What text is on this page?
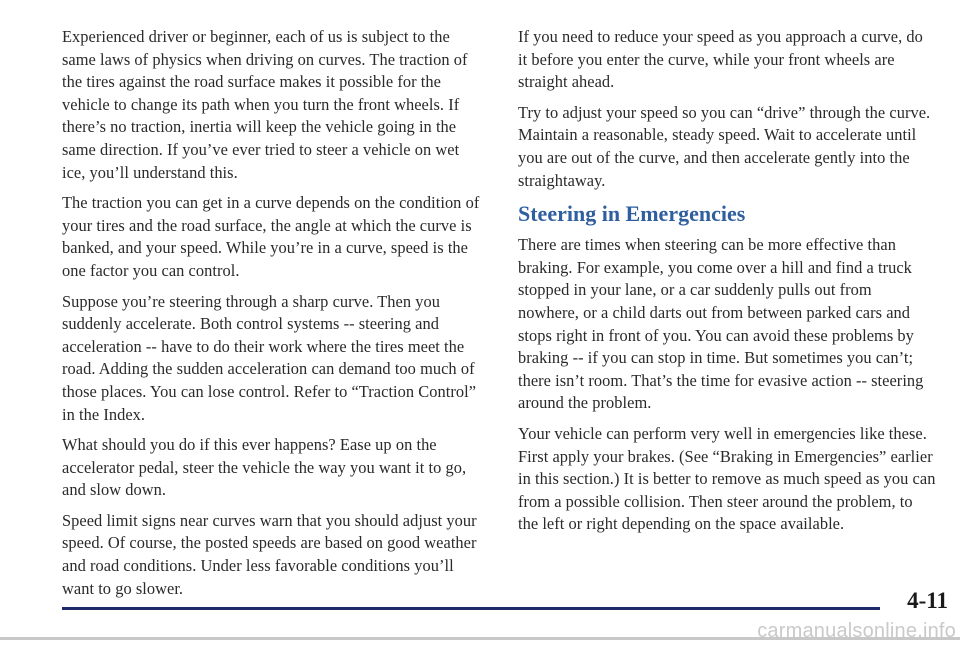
Experienced driver or beginner, each of us is subject to the same laws of physics when driving on curves. The traction of the tires against the road surface makes it possible for the vehicle to change its path when you turn the front wheels. If there’s no traction, inertia will keep the vehicle going in the same direction. If you’ve ever tried to steer a vehicle on wet ice, you’ll understand this.

The traction you can get in a curve depends on the condition of your tires and the road surface, the angle at which the curve is banked, and your speed. While you’re in a curve, speed is the one factor you can control.

Suppose you’re steering through a sharp curve. Then you suddenly accelerate. Both control systems -- steering and acceleration -- have to do their work where the tires meet the road. Adding the sudden acceleration can demand too much of those places. You can lose control. Refer to “Traction Control” in the Index.

What should you do if this ever happens? Ease up on the accelerator pedal, steer the vehicle the way you want it to go, and slow down.

Speed limit signs near curves warn that you should adjust your speed. Of course, the posted speeds are based on good weather and road conditions. Under less favorable conditions you’ll want to go slower.

If you need to reduce your speed as you approach a curve, do it before you enter the curve, while your front wheels are straight ahead.

Try to adjust your speed so you can “drive” through the curve. Maintain a reasonable, steady speed. Wait to accelerate until you are out of the curve, and then accelerate gently into the straightaway.

Steering in Emergencies

There are times when steering can be more effective than braking. For example, you come over a hill and find a truck stopped in your lane, or a car suddenly pulls out from nowhere, or a child darts out from between parked cars and stops right in front of you. You can avoid these problems by braking -- if you can stop in time. But sometimes you can’t; there isn’t room. That’s the time for evasive action -- steering around the problem.

Your vehicle can perform very well in emergencies like these. First apply your brakes. (See “Braking in Emergencies” earlier in this section.) It is better to remove as much speed as you can from a possible collision. Then steer around the problem, to the left or right depending on the space available.

4-11
carmanualsonline.info
